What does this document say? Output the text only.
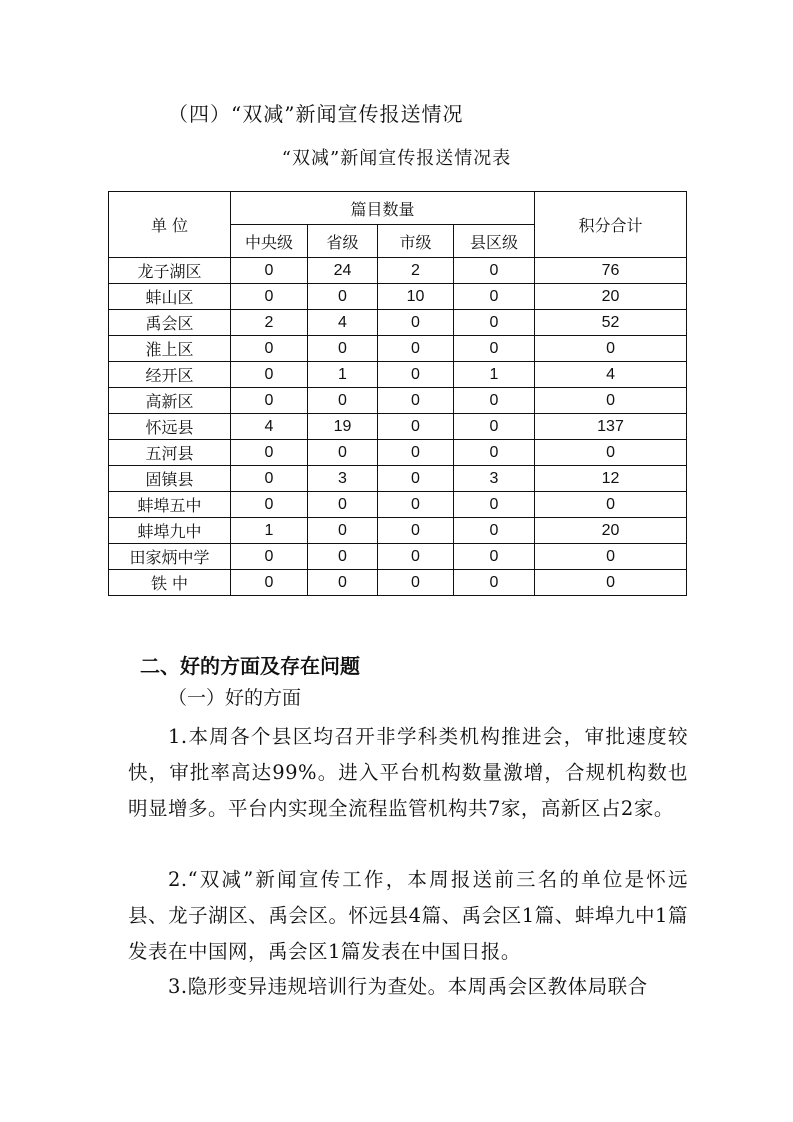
（四）“双减”新闻宣传报送情况
“双减”新闻宣传报送情况表
单 位	篇目数量				积分合计
	中央级	省级	市级	县区级	
龙子湖区	0	24	2	0	76
蚌山区	0	0	10	0	20
禹会区	2	4	0	0	52
淮上区	0	0	0	0	0
经开区	0	1	0	1	4
高新区	0	0	0	0	0
怀远县	4	19	0	0	137
五河县	0	0	0	0	0
固镇县	0	3	0	3	12
蚌埠五中	0	0	0	0	0
蚌埠九中	1	0	0	0	20
田家炳中学	0	0	0	0	0
铁 中	0	0	0	0	0
二、好的方面及存在问题
（一）好的方面
1.本周各个县区均召开非学科类机构推进会，审批速度较快，审批率高达99%。进入平台机构数量激增，合规机构数也明显增多。平台内实现全流程监管机构共7家，高新区占2家。
2.“双减”新闻宣传工作，本周报送前三名的单位是怀远县、龙子湖区、禹会区。怀远县4篇、禹会区1篇、蚌埠九中1篇发表在中国网，禹会区1篇发表在中国日报。
3.隐形变异违规培训行为查处。本周禹会区教体局联合
